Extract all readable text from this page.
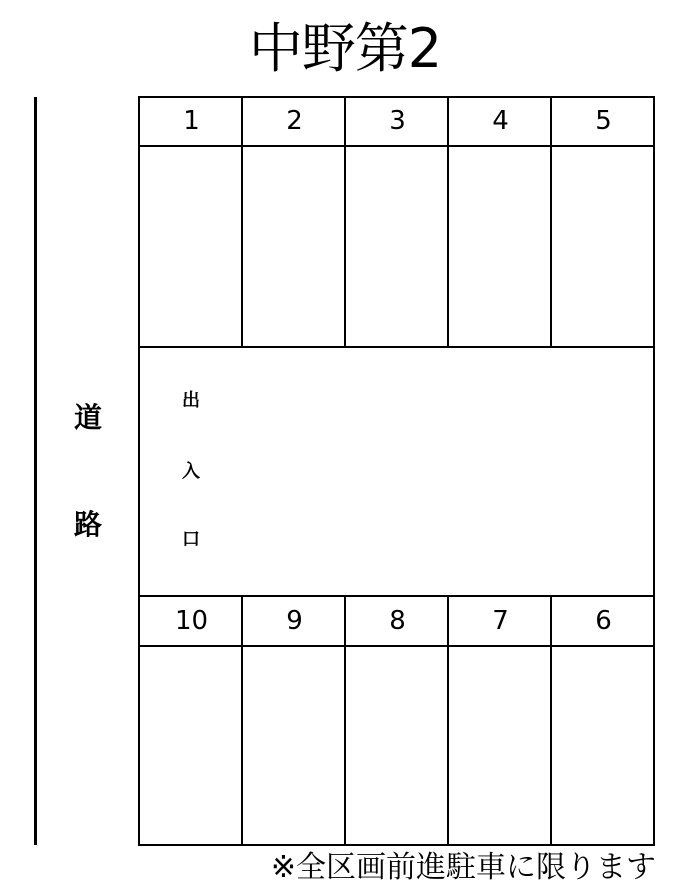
中野第2
道
路
1	2	3	4	5
10	9	8	7	6
出
入
口
※全区画前進駐車に限ります
